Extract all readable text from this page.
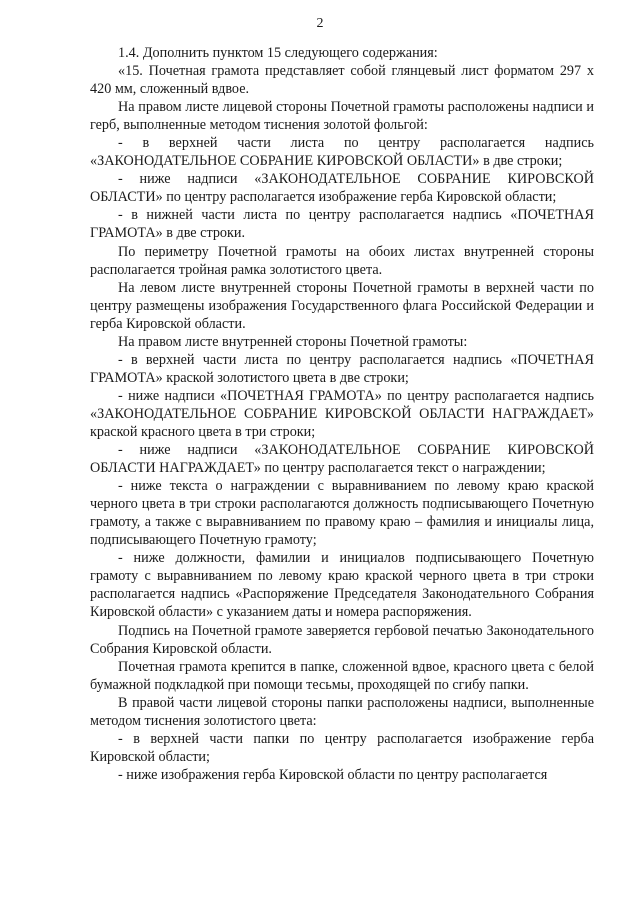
2

1.4. Дополнить пунктом 15 следующего содержания:

«15. Почетная грамота представляет собой глянцевый лист форматом 297 х 420 мм, сложенный вдвое.

На правом листе лицевой стороны Почетной грамоты расположены надписи и герб, выполненные методом тиснения золотой фольгой:

- в верхней части листа по центру располагается надпись «ЗАКОНОДАТЕЛЬНОЕ СОБРАНИЕ КИРОВСКОЙ ОБЛАСТИ» в две строки;

- ниже надписи «ЗАКОНОДАТЕЛЬНОЕ СОБРАНИЕ КИРОВСКОЙ ОБЛАСТИ» по центру располагается изображение герба Кировской области;

- в нижней части листа по центру располагается надпись «ПОЧЕТНАЯ ГРАМОТА» в две строки.

По периметру Почетной грамоты на обоих листах внутренней стороны располагается тройная рамка золотистого цвета.

На левом листе внутренней стороны Почетной грамоты в верхней части по центру размещены изображения Государственного флага Российской Федерации и герба Кировской области.

На правом листе внутренней стороны Почетной грамоты:

- в верхней части листа по центру располагается надпись «ПОЧЕТНАЯ ГРАМОТА» краской золотистого цвета в две строки;

- ниже надписи «ПОЧЕТНАЯ ГРАМОТА» по центру располагается надпись «ЗАКОНОДАТЕЛЬНОЕ СОБРАНИЕ КИРОВСКОЙ ОБЛАСТИ НАГРАЖДАЕТ» краской красного цвета в три строки;

- ниже надписи «ЗАКОНОДАТЕЛЬНОЕ СОБРАНИЕ КИРОВСКОЙ ОБЛАСТИ НАГРАЖДАЕТ» по центру располагается текст о награждении;

- ниже текста о награждении с выравниванием по левому краю краской черного цвета в три строки располагаются должность подписывающего Почетную грамоту, а также с выравниванием по правому краю – фамилия и инициалы лица, подписывающего Почетную грамоту;

- ниже должности, фамилии и инициалов подписывающего Почетную грамоту с выравниванием по левому краю краской черного цвета в три строки располагается надпись «Распоряжение Председателя Законодательного Собрания Кировской области» с указанием даты и номера распоряжения.

Подпись на Почетной грамоте заверяется гербовой печатью Законодательного Собрания Кировской области.

Почетная грамота крепится в папке, сложенной вдвое, красного цвета с белой бумажной подкладкой при помощи тесьмы, проходящей по сгибу папки.

В правой части лицевой стороны папки расположены надписи, выполненные методом тиснения золотистого цвета:

- в верхней части папки по центру располагается изображение герба Кировской области;

- ниже изображения герба Кировской области по центру располагается
